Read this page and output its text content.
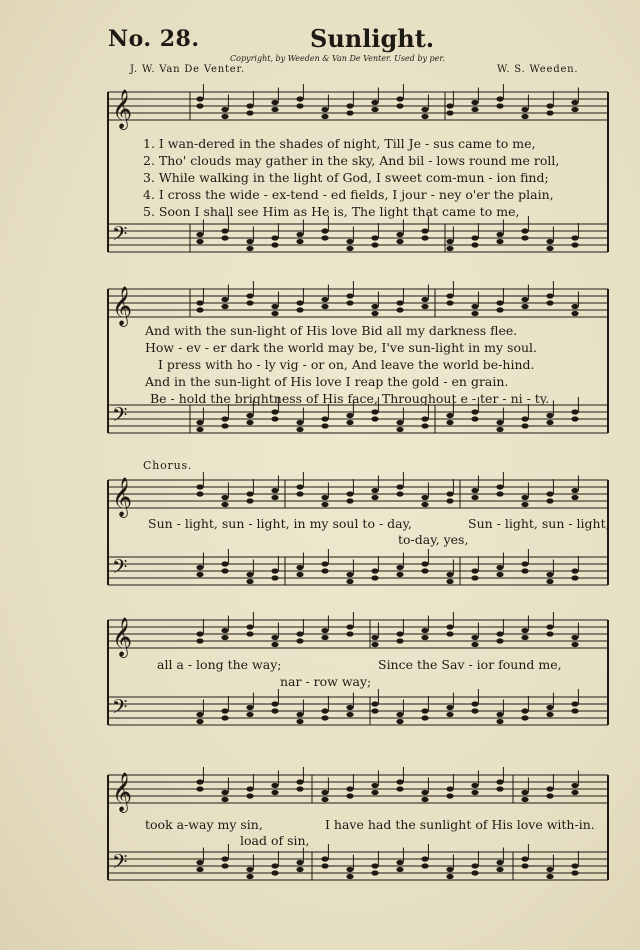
No. 28.	Sunlight.
Copyright, by Weeden & Van De Venter. Used by per.
J. W. Van De Venter.	W. S. Weeden.
𝄞
𝄢
𝄞
𝄢
𝄞
𝄢
𝄞
𝄢
𝄞
𝄢
1. I wan-dered in the shades of night, Till Je - sus came to me,
2. Tho' clouds may gather in the sky, And bil - lows round me roll,
3. While walking in the light of God, I sweet com-mun - ion find;
4. I cross the wide - ex-tend - ed fields, I jour - ney o'er the plain,
5. Soon I shall see Him as He is, The light that came to me,
And with the sun-light of His love Bid all my darkness flee.
How - ev - er dark the world may be, I've sun-light in my soul.
I press with ho - ly vig - or on, And leave the world be-hind.
And in the sun-light of His love I reap the gold - en grain.
Be - hold the brightness of His face, Throughout e - ter - ni - ty.
Chorus.
Sun - light, sun - light, in my soul to - day,	Sun - light, sun - light,
to-day, yes,
all a - long the way;	Since the Sav - ior found me,
nar - row way;
took a-way my sin,	I have had the sunlight of His love with-in.
load of sin,
